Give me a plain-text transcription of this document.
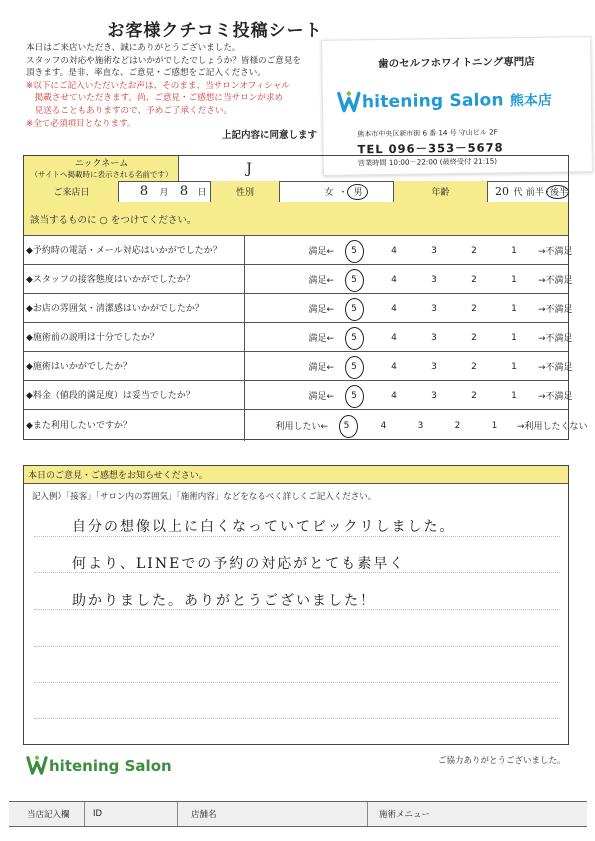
お客様クチコミ投稿シート
本日はご来店いただき、誠にありがとうございました。
スタッフの対応や施術などはいかがでしたでしょうか？皆様のご意見を
頂きます。是非、率直な、ご意見・ご感想をご記入ください。
※以下にご記入いただいたお声は、そのまま、当サロンオフィシャル
　掲載させていただきます。尚、ご意見・ご感想に当サロンが求め
　見送ることもありますので、予めご了承ください。
※全て必須項目となります。
上記内容に同意します
歯のセルフホワイトニング専門店
hitening Salon 熊本店
熊本市中央区新市街 6 番 14 号 守山ビル 2F
TEL 096－353－5678
営業時間 10:00－22:00 (最終受付 21:15)
ニックネーム
（サイトへ掲載時に表示される名前です）	J
ご来店日	8	月 8	日	性別	女 ・ 男	年齢	20 代 前半
・
後半
該当するものに ○ をつけてください。
◆予約時の電話・メール対応はいかがでしたか？	満足←	5	4	3	2	1	→不満足
◆スタッフの接客態度はいかがでしたか？	満足←	5	4	3	2	1	→不満足
◆お店の雰囲気・清潔感はいかがでしたか？	満足←	5	4	3	2	1	→不満足
◆施術前の説明は十分でしたか？	満足←	5	4	3	2	1	→不満足
◆施術はいかがでしたか？	満足←	5	4	3	2	1	→不満足
◆料金（値段的満足度）は妥当でしたか？	満足←	5	4	3	2	1	→不満足
◆また利用したいですか？	利用したい←	5	4	3	2	1	→利用したくない
本日のご意見・ご感想をお知らせください。
記入例）「接客」「サロン内の雰囲気」「施術内容」などをなるべく詳しくご記入ください。
自分の想像以上に白くなっていてビックリしました。
何より、LINEでの予約の対応がとても素早く
助かりました。ありがとうございました！
hitening Salon	ご協力ありがとうございました。
当店記入欄	ID	店舗名	施術メニュー
